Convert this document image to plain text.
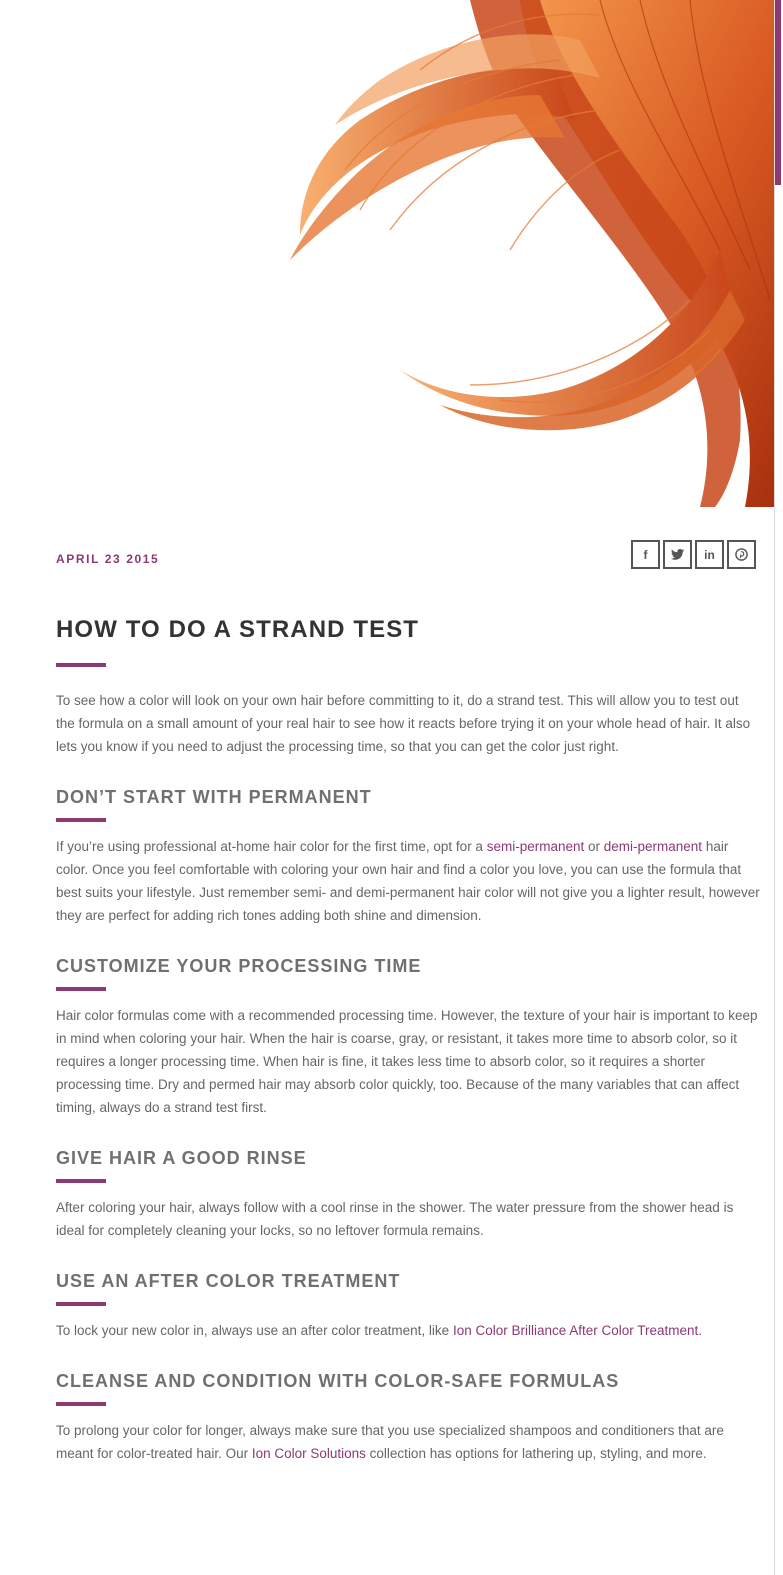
APRIL 23 2015	f	in
HOW TO DO A STRAND TEST

To see how a color will look on your own hair before committing to it, do a strand test. This will allow you to test out the formula on a small amount of your real hair to see how it reacts before trying it on your whole head of hair. It also lets you know if you need to adjust the processing time, so that you can get the color just right.

DON’T START WITH PERMANENT

If you’re using professional at-home hair color for the first time, opt for a semi-permanent or demi-permanent hair color. Once you feel comfortable with coloring your own hair and find a color you love, you can use the formula that best suits your lifestyle. Just remember semi- and demi-permanent hair color will not give you a lighter result, however they are perfect for adding rich tones adding both shine and dimension.

CUSTOMIZE YOUR PROCESSING TIME

Hair color formulas come with a recommended processing time. However, the texture of your hair is important to keep in mind when coloring your hair. When the hair is coarse, gray, or resistant, it takes more time to absorb color, so it requires a longer processing time. When hair is fine, it takes less time to absorb color, so it requires a shorter processing time. Dry and permed hair may absorb color quickly, too. Because of the many variables that can affect timing, always do a strand test first.

GIVE HAIR A GOOD RINSE

After coloring your hair, always follow with a cool rinse in the shower. The water pressure from the shower head is ideal for completely cleaning your locks, so no leftover formula remains.

USE AN AFTER COLOR TREATMENT

To lock your new color in, always use an after color treatment, like Ion Color Brilliance After Color Treatment.

CLEANSE AND CONDITION WITH COLOR-SAFE FORMULAS

To prolong your color for longer, always make sure that you use specialized shampoos and conditioners that are meant for color-treated hair. Our Ion Color Solutions collection has options for lathering up, styling, and more.
